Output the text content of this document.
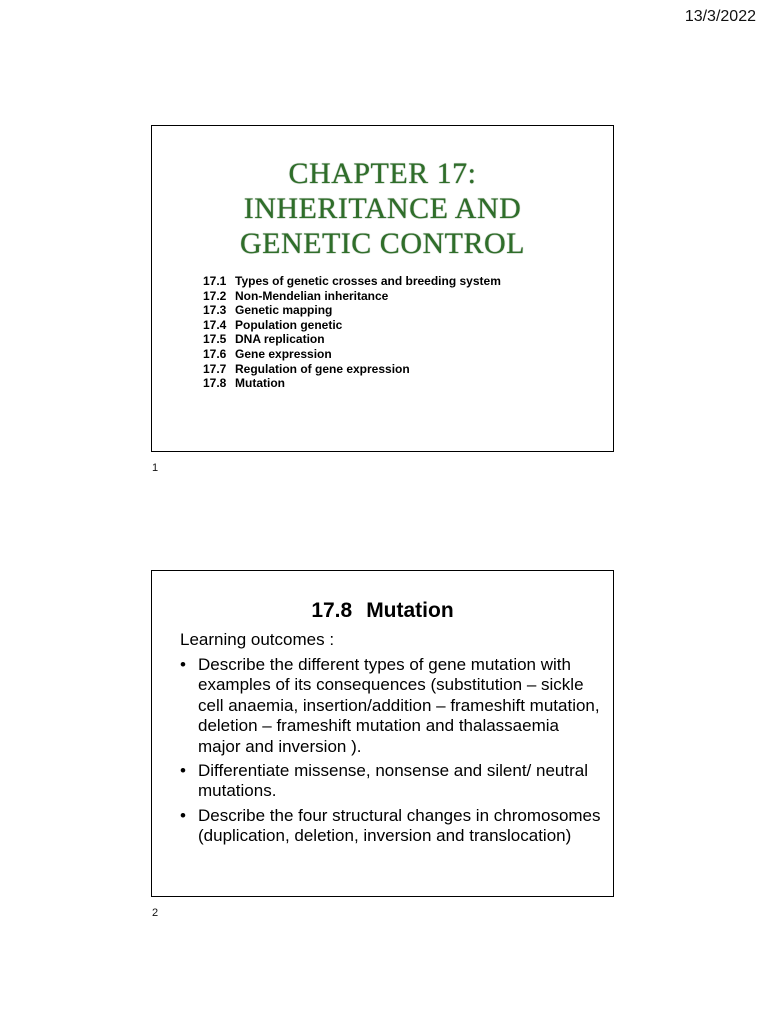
13/3/2022
CHAPTER 17:
INHERITANCE AND
GENETIC CONTROL
17.1 Types of genetic crosses and breeding system
17.2 Non-Mendelian inheritance
17.3 Genetic mapping
17.4 Population genetic
17.5 DNA replication
17.6 Gene expression
17.7 Regulation of gene expression
17.8 Mutation
1
17.8 Mutation
Learning outcomes :
• Describe the different types of gene mutation with examples of its consequences (substitution – sickle cell anaemia, insertion/addition – frameshift mutation, deletion – frameshift mutation and thalassaemia major and inversion ).
• Differentiate missense, nonsense and silent/ neutral mutations.
• Describe the four structural changes in chromosomes (duplication, deletion, inversion and translocation)
2
